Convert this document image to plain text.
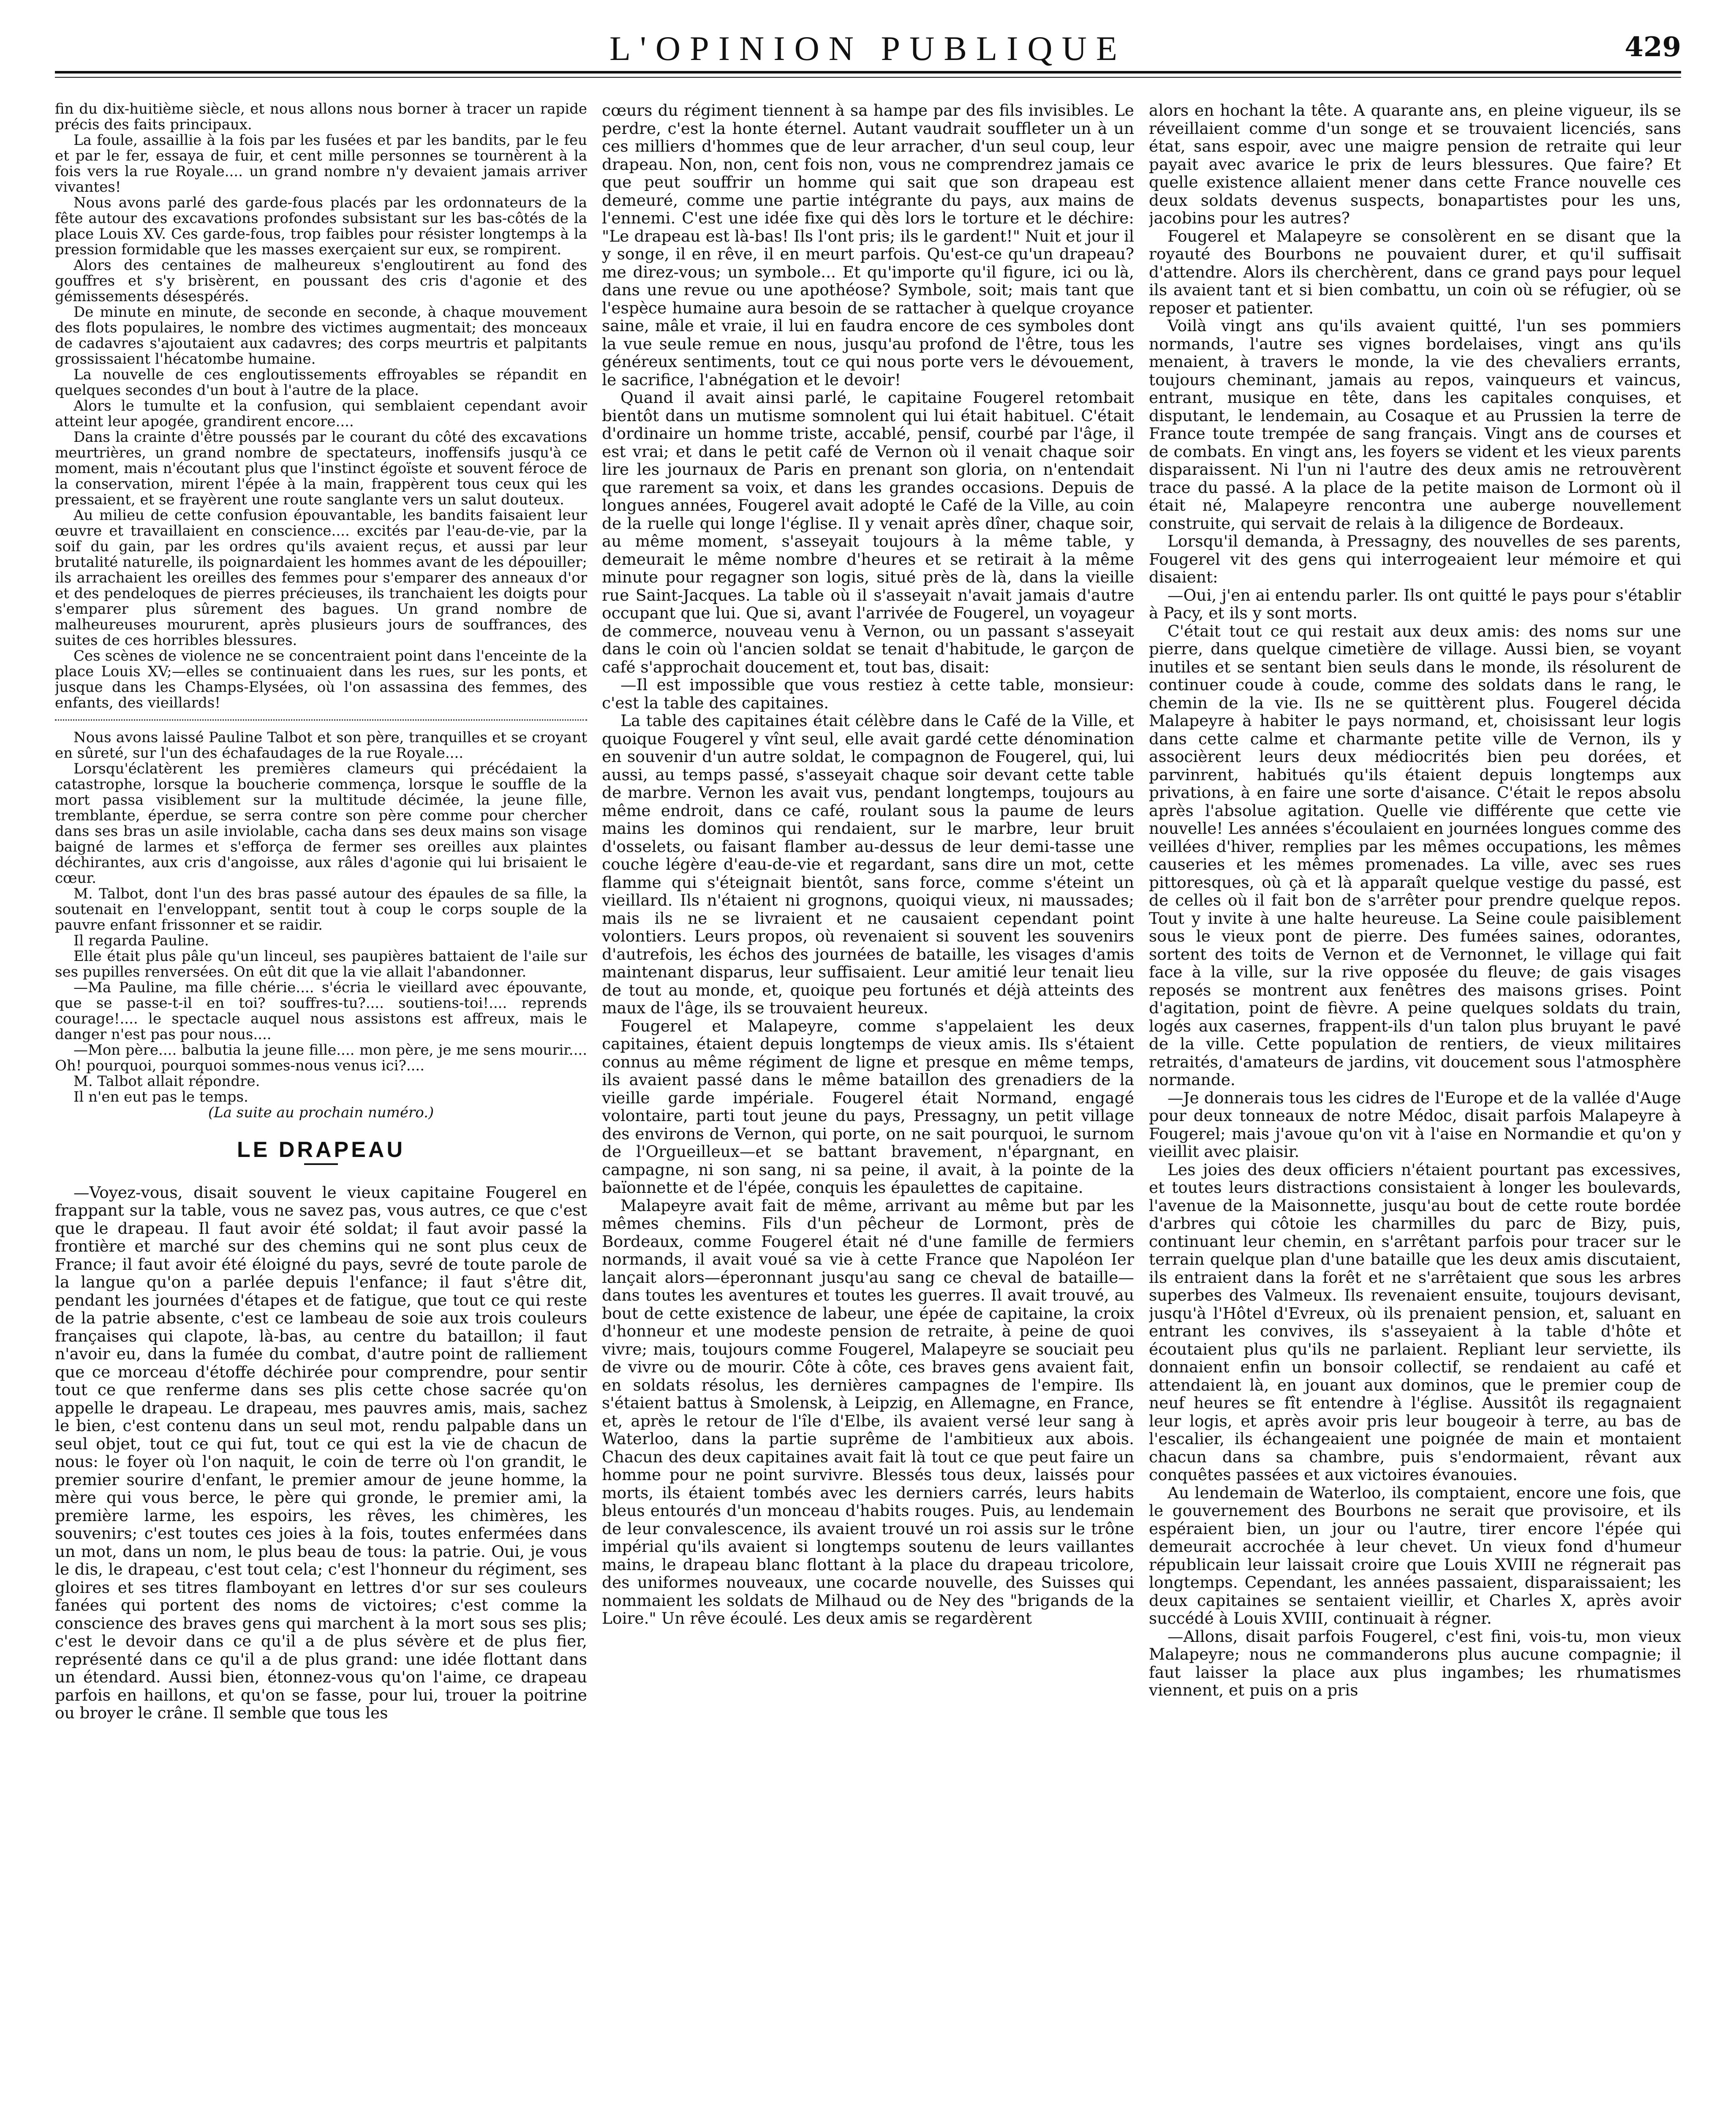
L'OPINION PUBLIQUE	429

fin du dix-huitième siècle, et nous allons nous borner à tracer un rapide précis des faits principaux.

La foule, assaillie à la fois par les fusées et par les bandits, par le feu et par le fer, essaya de fuir, et cent mille personnes se tournèrent à la fois vers la rue Royale.... un grand nombre n'y devaient jamais arriver vivantes!

Nous avons parlé des garde-fous placés par les ordonnateurs de la fête autour des excavations profondes subsistant sur les bas-côtés de la place Louis XV. Ces garde-fous, trop faibles pour résister longtemps à la pression formidable que les masses exerçaient sur eux, se rompirent.

Alors des centaines de malheureux s'engloutirent au fond des gouffres et s'y brisèrent, en poussant des cris d'agonie et des gémissements désespérés.

De minute en minute, de seconde en seconde, à chaque mouvement des flots populaires, le nombre des victimes augmentait; des monceaux de cadavres s'ajoutaient aux cadavres; des corps meurtris et palpitants grossissaient l'hécatombe humaine.

La nouvelle de ces engloutissements effroyables se répandit en quelques secondes d'un bout à l'autre de la place.

Alors le tumulte et la confusion, qui semblaient cependant avoir atteint leur apogée, grandirent encore....

Dans la crainte d'être poussés par le courant du côté des excavations meurtrières, un grand nombre de spectateurs, inoffensifs jusqu'à ce moment, mais n'écoutant plus que l'instinct égoïste et souvent féroce de la conservation, mirent l'épée à la main, frappèrent tous ceux qui les pressaient, et se frayèrent une route sanglante vers un salut douteux.

Au milieu de cette confusion épouvantable, les bandits faisaient leur œuvre et travaillaient en conscience.... excités par l'eau-de-vie, par la soif du gain, par les ordres qu'ils avaient reçus, et aussi par leur brutalité naturelle, ils poignardaient les hommes avant de les dépouiller; ils arrachaient les oreilles des femmes pour s'emparer des anneaux d'or et des pendeloques de pierres précieuses, ils tranchaient les doigts pour s'emparer plus sûrement des bagues. Un grand nombre de malheureuses moururent, après plusieurs jours de souffrances, des suites de ces horribles blessures.

Ces scènes de violence ne se concentraient point dans l'enceinte de la place Louis XV;—elles se continuaient dans les rues, sur les ponts, et jusque dans les Champs-Elysées, où l'on assassina des femmes, des enfants, des vieillards!

Nous avons laissé Pauline Talbot et son père, tranquilles et se croyant en sûreté, sur l'un des échafaudages de la rue Royale....

Lorsqu'éclatèrent les premières clameurs qui précédaient la catastrophe, lorsque la boucherie commença, lorsque le souffle de la mort passa visiblement sur la multitude décimée, la jeune fille, tremblante, éperdue, se serra contre son père comme pour chercher dans ses bras un asile inviolable, cacha dans ses deux mains son visage baigné de larmes et s'efforça de fermer ses oreilles aux plaintes déchirantes, aux cris d'angoisse, aux râles d'agonie qui lui brisaient le cœur.

M. Talbot, dont l'un des bras passé autour des épaules de sa fille, la soutenait en l'enveloppant, sentit tout à coup le corps souple de la pauvre enfant frissonner et se raidir.

Il regarda Pauline.

Elle était plus pâle qu'un linceul, ses paupières battaient de l'aile sur ses pupilles renversées. On eût dit que la vie allait l'abandonner.

—Ma Pauline, ma fille chérie.... s'écria le vieillard avec épouvante, que se passe-t-il en toi? souffres-tu?.... soutiens-toi!.... reprends courage!.... le spectacle auquel nous assistons est affreux, mais le danger n'est pas pour nous....

—Mon père.... balbutia la jeune fille.... mon père, je me sens mourir.... Oh! pourquoi, pourquoi sommes-nous venus ici?....

M. Talbot allait répondre.

Il n'en eut pas le temps.

(La suite au prochain numéro.)

LE DRAPEAU

—Voyez-vous, disait souvent le vieux capitaine Fougerel en frappant sur la table, vous ne savez pas, vous autres, ce que c'est que le drapeau. Il faut avoir été soldat; il faut avoir passé la frontière et marché sur des chemins qui ne sont plus ceux de France; il faut avoir été éloigné du pays, sevré de toute parole de la langue qu'on a parlée depuis l'enfance; il faut s'être dit, pendant les journées d'étapes et de fatigue, que tout ce qui reste de la patrie absente, c'est ce lambeau de soie aux trois couleurs françaises qui clapote, là-bas, au centre du bataillon; il faut n'avoir eu, dans la fumée du combat, d'autre point de ralliement que ce morceau d'étoffe déchirée pour comprendre, pour sentir tout ce que renferme dans ses plis cette chose sacrée qu'on appelle le drapeau. Le drapeau, mes pauvres amis, mais, sachez le bien, c'est contenu dans un seul mot, rendu palpable dans un seul objet, tout ce qui fut, tout ce qui est la vie de chacun de nous: le foyer où l'on naquit, le coin de terre où l'on grandit, le premier sourire d'enfant, le premier amour de jeune homme, la mère qui vous berce, le père qui gronde, le premier ami, la première larme, les espoirs, les rêves, les chimères, les souvenirs; c'est toutes ces joies à la fois, toutes enfermées dans un mot, dans un nom, le plus beau de tous: la patrie. Oui, je vous le dis, le drapeau, c'est tout cela; c'est l'honneur du régiment, ses gloires et ses titres flamboyant en lettres d'or sur ses couleurs fanées qui portent des noms de victoires; c'est comme la conscience des braves gens qui marchent à la mort sous ses plis; c'est le devoir dans ce qu'il a de plus sévère et de plus fier, représenté dans ce qu'il a de plus grand: une idée flottant dans un étendard. Aussi bien, étonnez-vous qu'on l'aime, ce drapeau parfois en haillons, et qu'on se fasse, pour lui, trouer la poitrine ou broyer le crâne. Il semble que tous les

cœurs du régiment tiennent à sa hampe par des fils invisibles. Le perdre, c'est la honte éternel. Autant vaudrait souffleter un à un ces milliers d'hommes que de leur arracher, d'un seul coup, leur drapeau. Non, non, cent fois non, vous ne comprendrez jamais ce que peut souffrir un homme qui sait que son drapeau est demeuré, comme une partie intégrante du pays, aux mains de l'ennemi. C'est une idée fixe qui dès lors le torture et le déchire: "Le drapeau est là-bas! Ils l'ont pris; ils le gardent!" Nuit et jour il y songe, il en rêve, il en meurt parfois. Qu'est-ce qu'un drapeau? me direz-vous; un symbole... Et qu'importe qu'il figure, ici ou là, dans une revue ou une apothéose? Symbole, soit; mais tant que l'espèce humaine aura besoin de se rattacher à quelque croyance saine, mâle et vraie, il lui en faudra encore de ces symboles dont la vue seule remue en nous, jusqu'au profond de l'être, tous les généreux sentiments, tout ce qui nous porte vers le dévouement, le sacrifice, l'abnégation et le devoir!

Quand il avait ainsi parlé, le capitaine Fougerel retombait bientôt dans un mutisme somnolent qui lui était habituel. C'était d'ordinaire un homme triste, accablé, pensif, courbé par l'âge, il est vrai; et dans le petit café de Vernon où il venait chaque soir lire les journaux de Paris en prenant son gloria, on n'entendait que rarement sa voix, et dans les grandes occasions. Depuis de longues années, Fougerel avait adopté le Café de la Ville, au coin de la ruelle qui longe l'église. Il y venait après dîner, chaque soir, au même moment, s'asseyait toujours à la même table, y demeurait le même nombre d'heures et se retirait à la même minute pour regagner son logis, situé près de là, dans la vieille rue Saint-Jacques. La table où il s'asseyait n'avait jamais d'autre occupant que lui. Que si, avant l'arrivée de Fougerel, un voyageur de commerce, nouveau venu à Vernon, ou un passant s'asseyait dans le coin où l'ancien soldat se tenait d'habitude, le garçon de café s'approchait doucement et, tout bas, disait:

—Il est impossible que vous restiez à cette table, monsieur: c'est la table des capitaines.

La table des capitaines était célèbre dans le Café de la Ville, et quoique Fougerel y vînt seul, elle avait gardé cette dénomination en souvenir d'un autre soldat, le compagnon de Fougerel, qui, lui aussi, au temps passé, s'asseyait chaque soir devant cette table de marbre. Vernon les avait vus, pendant longtemps, toujours au même endroit, dans ce café, roulant sous la paume de leurs mains les dominos qui rendaient, sur le marbre, leur bruit d'osselets, ou faisant flamber au-dessus de leur demi-tasse une couche légère d'eau-de-vie et regardant, sans dire un mot, cette flamme qui s'éteignait bientôt, sans force, comme s'éteint un vieillard. Ils n'étaient ni grognons, quoiqui vieux, ni maussades; mais ils ne se livraient et ne causaient cependant point volontiers. Leurs propos, où revenaient si souvent les souvenirs d'autrefois, les échos des journées de bataille, les visages d'amis maintenant disparus, leur suffisaient. Leur amitié leur tenait lieu de tout au monde, et, quoique peu fortunés et déjà atteints des maux de l'âge, ils se trouvaient heureux.

Fougerel et Malapeyre, comme s'appelaient les deux capitaines, étaient depuis longtemps de vieux amis. Ils s'étaient connus au même régiment de ligne et presque en même temps, ils avaient passé dans le même bataillon des grenadiers de la vieille garde impériale. Fougerel était Normand, engagé volontaire, parti tout jeune du pays, Pressagny, un petit village des environs de Vernon, qui porte, on ne sait pourquoi, le surnom de l'Orgueilleux—et se battant bravement, n'épargnant, en campagne, ni son sang, ni sa peine, il avait, à la pointe de la baïonnette et de l'épée, conquis les épaulettes de capitaine.

Malapeyre avait fait de même, arrivant au même but par les mêmes chemins. Fils d'un pêcheur de Lormont, près de Bordeaux, comme Fougerel était né d'une famille de fermiers normands, il avait voué sa vie à cette France que Napoléon Ier lançait alors—éperonnant jusqu'au sang ce cheval de bataille—dans toutes les aventures et toutes les guerres. Il avait trouvé, au bout de cette existence de labeur, une épée de capitaine, la croix d'honneur et une modeste pension de retraite, à peine de quoi vivre; mais, toujours comme Fougerel, Malapeyre se souciait peu de vivre ou de mourir. Côte à côte, ces braves gens avaient fait, en soldats résolus, les dernières campagnes de l'empire. Ils s'étaient battus à Smolensk, à Leipzig, en Allemagne, en France, et, après le retour de l'île d'Elbe, ils avaient versé leur sang à Waterloo, dans la partie suprême de l'ambitieux aux abois. Chacun des deux capitaines avait fait là tout ce que peut faire un homme pour ne point survivre. Blessés tous deux, laissés pour morts, ils étaient tombés avec les derniers carrés, leurs habits bleus entourés d'un monceau d'habits rouges. Puis, au lendemain de leur convalescence, ils avaient trouvé un roi assis sur le trône impérial qu'ils avaient si longtemps soutenu de leurs vaillantes mains, le drapeau blanc flottant à la place du drapeau tricolore, des uniformes nouveaux, une cocarde nouvelle, des Suisses qui nommaient les soldats de Milhaud ou de Ney des "brigands de la Loire." Un rêve écoulé. Les deux amis se regardèrent

alors en hochant la tête. A quarante ans, en pleine vigueur, ils se réveillaient comme d'un songe et se trouvaient licenciés, sans état, sans espoir, avec une maigre pension de retraite qui leur payait avec avarice le prix de leurs blessures. Que faire? Et quelle existence allaient mener dans cette France nouvelle ces deux soldats devenus suspects, bonapartistes pour les uns, jacobins pour les autres?

Fougerel et Malapeyre se consolèrent en se disant que la royauté des Bourbons ne pouvaient durer, et qu'il suffisait d'attendre. Alors ils cherchèrent, dans ce grand pays pour lequel ils avaient tant et si bien combattu, un coin où se réfugier, où se reposer et patienter.

Voilà vingt ans qu'ils avaient quitté, l'un ses pommiers normands, l'autre ses vignes bordelaises, vingt ans qu'ils menaient, à travers le monde, la vie des chevaliers errants, toujours cheminant, jamais au repos, vainqueurs et vaincus, entrant, musique en tête, dans les capitales conquises, et disputant, le lendemain, au Cosaque et au Prussien la terre de France toute trempée de sang français. Vingt ans de courses et de combats. En vingt ans, les foyers se vident et les vieux parents disparaissent. Ni l'un ni l'autre des deux amis ne retrouvèrent trace du passé. A la place de la petite maison de Lormont où il était né, Malapeyre rencontra une auberge nouvellement construite, qui servait de relais à la diligence de Bordeaux.

Lorsqu'il demanda, à Pressagny, des nouvelles de ses parents, Fougerel vit des gens qui interrogeaient leur mémoire et qui disaient:

—Oui, j'en ai entendu parler. Ils ont quitté le pays pour s'établir à Pacy, et ils y sont morts.

C'était tout ce qui restait aux deux amis: des noms sur une pierre, dans quelque cimetière de village. Aussi bien, se voyant inutiles et se sentant bien seuls dans le monde, ils résolurent de continuer coude à coude, comme des soldats dans le rang, le chemin de la vie. Ils ne se quittèrent plus. Fougerel décida Malapeyre à habiter le pays normand, et, choisissant leur logis dans cette calme et charmante petite ville de Vernon, ils y associèrent leurs deux médiocrités bien peu dorées, et parvinrent, habitués qu'ils étaient depuis longtemps aux privations, à en faire une sorte d'aisance. C'était le repos absolu après l'absolue agitation. Quelle vie différente que cette vie nouvelle! Les années s'écoulaient en journées longues comme des veillées d'hiver, remplies par les mêmes occupations, les mêmes causeries et les mêmes promenades. La ville, avec ses rues pittoresques, où çà et là apparaît quelque vestige du passé, est de celles où il fait bon de s'arrêter pour prendre quelque repos. Tout y invite à une halte heureuse. La Seine coule paisiblement sous le vieux pont de pierre. Des fumées saines, odorantes, sortent des toits de Vernon et de Vernonnet, le village qui fait face à la ville, sur la rive opposée du fleuve; de gais visages reposés se montrent aux fenêtres des maisons grises. Point d'agitation, point de fièvre. A peine quelques soldats du train, logés aux casernes, frappent-ils d'un talon plus bruyant le pavé de la ville. Cette population de rentiers, de vieux militaires retraités, d'amateurs de jardins, vit doucement sous l'atmosphère normande.

—Je donnerais tous les cidres de l'Europe et de la vallée d'Auge pour deux tonneaux de notre Médoc, disait parfois Malapeyre à Fougerel; mais j'avoue qu'on vit à l'aise en Normandie et qu'on y vieillit avec plaisir.

Les joies des deux officiers n'étaient pourtant pas excessives, et toutes leurs distractions consistaient à longer les boulevards, l'avenue de la Maisonnette, jusqu'au bout de cette route bordée d'arbres qui côtoie les charmilles du parc de Bizy, puis, continuant leur chemin, en s'arrêtant parfois pour tracer sur le terrain quelque plan d'une bataille que les deux amis discutaient, ils entraient dans la forêt et ne s'arrêtaient que sous les arbres superbes des Valmeux. Ils revenaient ensuite, toujours devisant, jusqu'à l'Hôtel d'Evreux, où ils prenaient pension, et, saluant en entrant les convives, ils s'asseyaient à la table d'hôte et écoutaient plus qu'ils ne parlaient. Repliant leur serviette, ils donnaient enfin un bonsoir collectif, se rendaient au café et attendaient là, en jouant aux dominos, que le premier coup de neuf heures se fît entendre à l'église. Aussitôt ils regagnaient leur logis, et après avoir pris leur bougeoir à terre, au bas de l'escalier, ils échangeaient une poignée de main et montaient chacun dans sa chambre, puis s'endormaient, rêvant aux conquêtes passées et aux victoires évanouies.

Au lendemain de Waterloo, ils comptaient, encore une fois, que le gouvernement des Bourbons ne serait que provisoire, et ils espéraient bien, un jour ou l'autre, tirer encore l'épée qui demeurait accrochée à leur chevet. Un vieux fond d'humeur républicain leur laissait croire que Louis XVIII ne régnerait pas longtemps. Cependant, les années passaient, disparaissaient; les deux capitaines se sentaient vieillir, et Charles X, après avoir succédé à Louis XVIII, continuait à régner.

—Allons, disait parfois Fougerel, c'est fini, vois-tu, mon vieux Malapeyre; nous ne commanderons plus aucune compagnie; il faut laisser la place aux plus ingambes; les rhumatismes viennent, et puis on a pris
